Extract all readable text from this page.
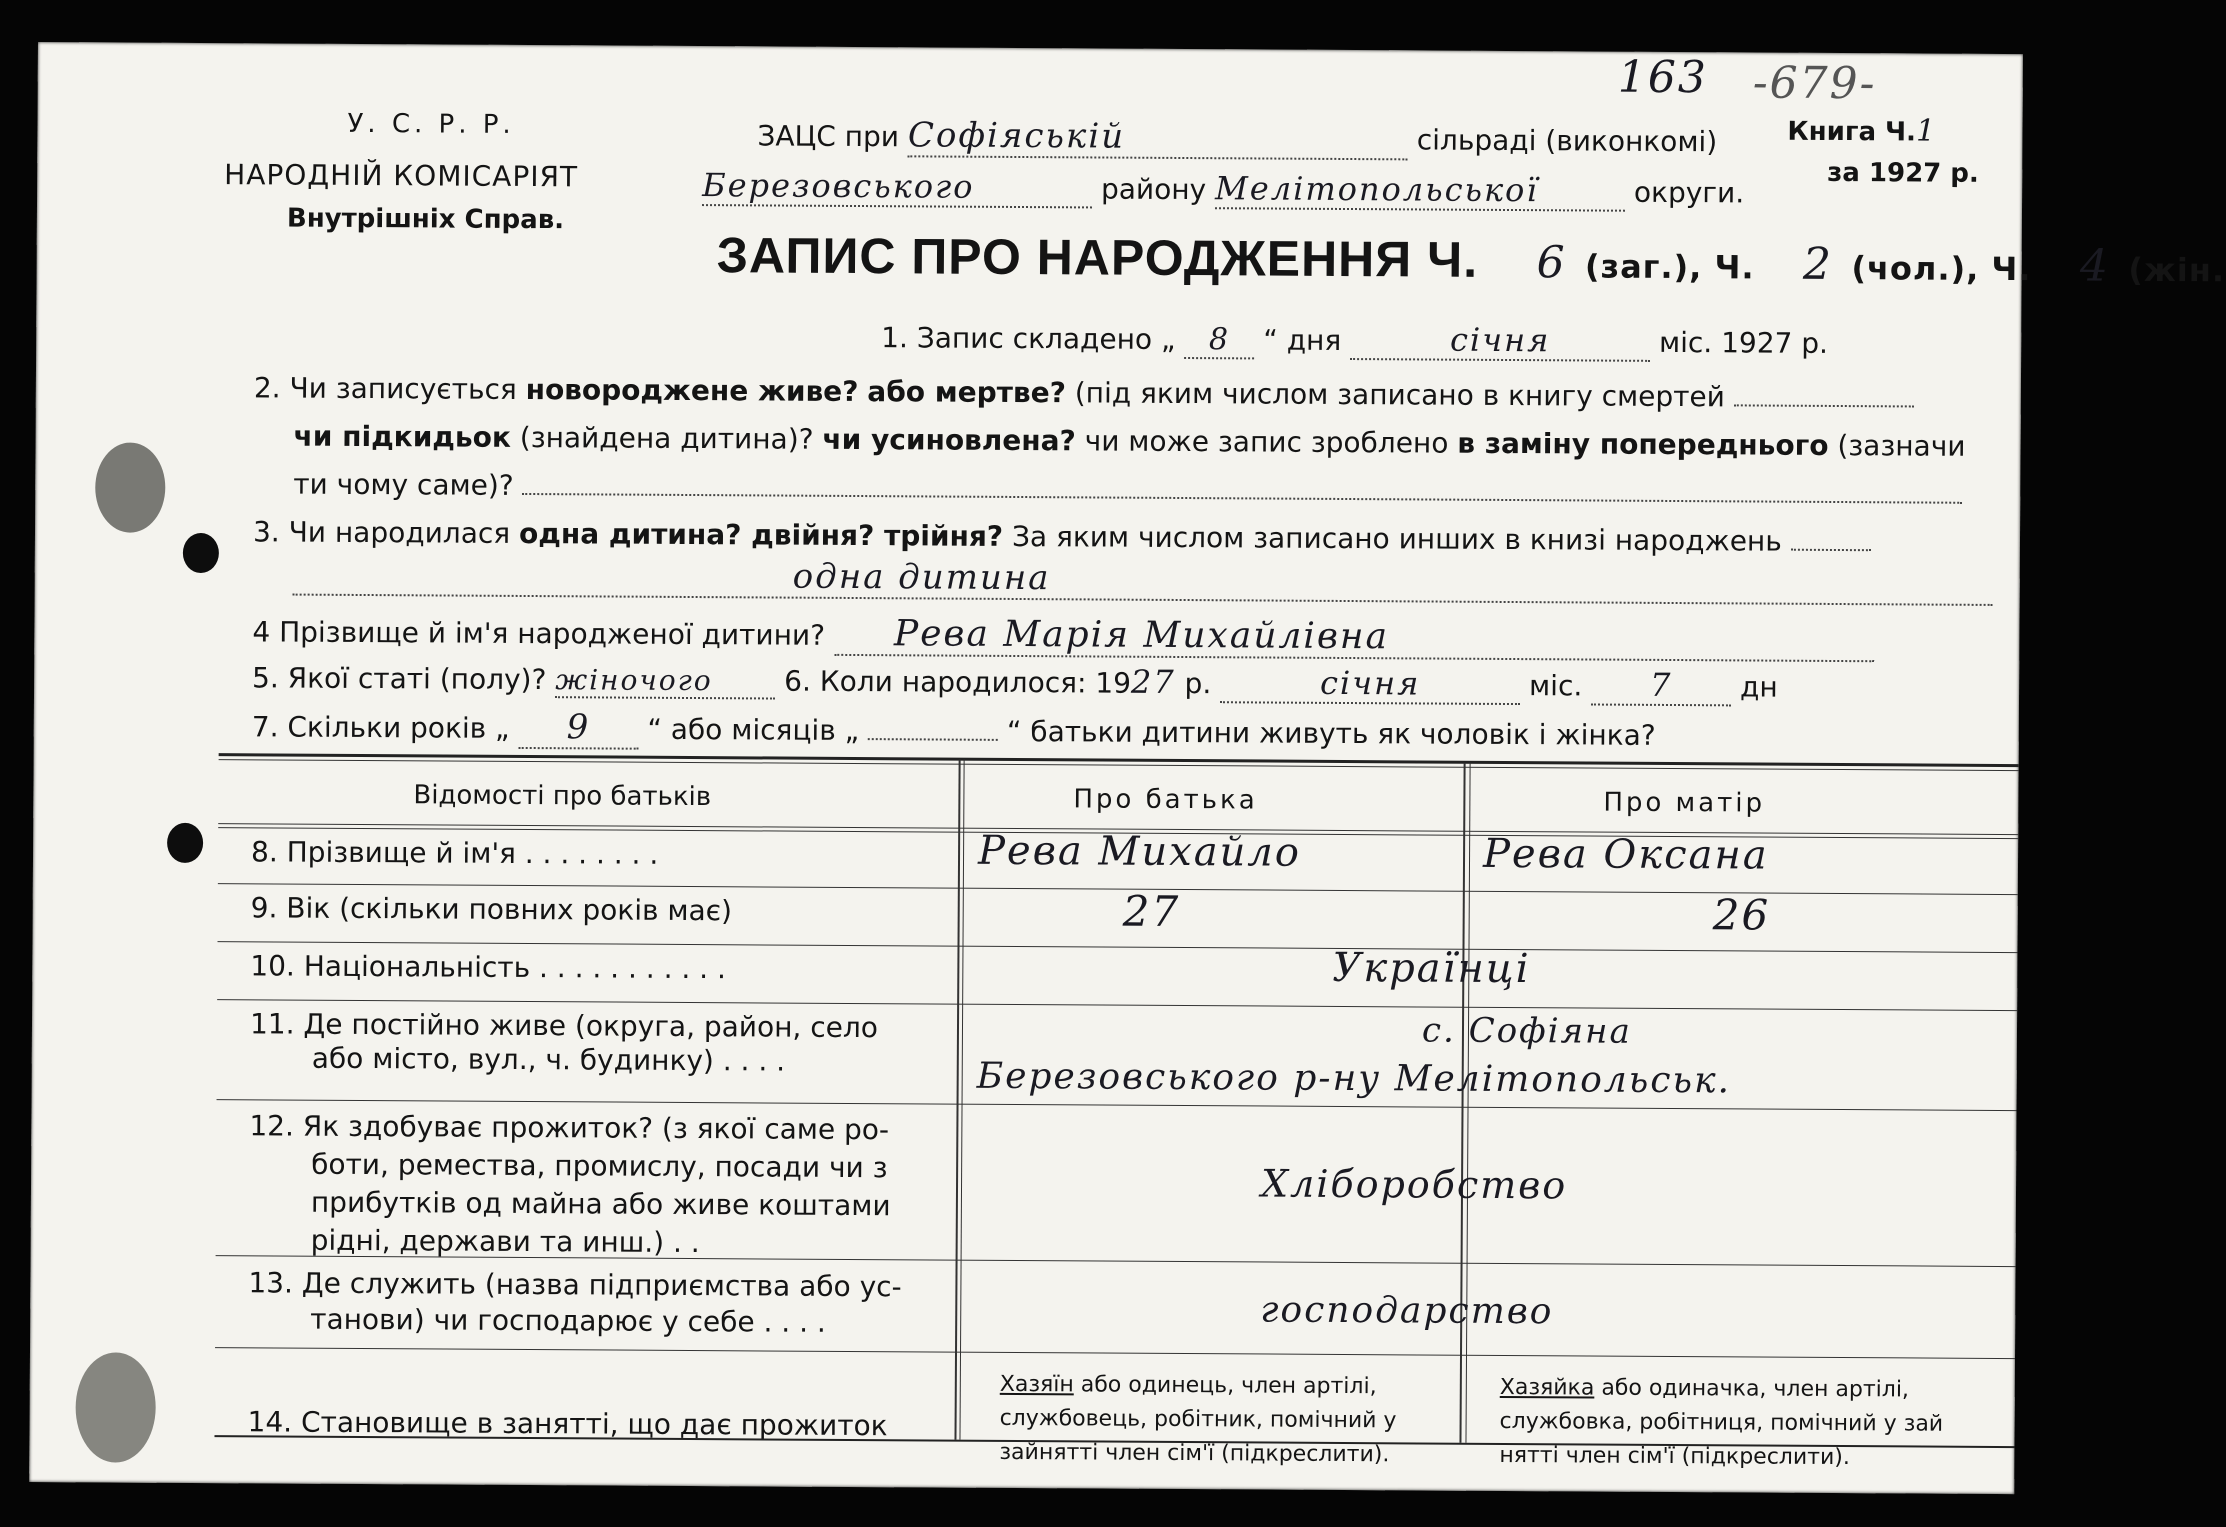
У. С. Р. Р.
НАРОДНІЙ КОМІСАРІЯТ
Внутрішніх Справ.
163 -679-
Книга Ч.1
за 1927 р.
ЗАЦС при Софіяській	сільраді (виконкомі)
Березовського	району Мелітопольської	округи.
ЗАПИС ПРО НАРОДЖЕННЯ Ч. 6 (заг.), Ч. 2 (чол.), Ч. 4 (жін.
1. Запис складено „ 8 “ дня	січня	міс. 1927 р.
2. Чи записується новороджене живе? або мертве? (під яким числом записано в книгу смертей
чи підкидьок (знайдена дитина)? чи усиновлена? чи може запис зроблено в заміну попереднього (зазначи
ти чому саме)?
3. Чи народилася одна дитина? двійня? трійня? За яким числом записано инших в книзі народжень
одна дитина
4 Прізвище й ім'я народженої дитини? Рева Марія Михайлівна
5. Якої статі (полу)? жіночого	6. Коли народилося: 1927 р.	січня	міс. 7 дн
7. Скільки років „ 9 “ або місяців „	“ батьки дитини живуть як чоловік і жінка?
Відомості про батьків	Про батька	Про матір
8. Прізвище й ім'я . . . . . . . .	Рева Михайло	Рева Оксана
9. Вік (скільки повних років має)	27	26
10. Національність . . . . . . . . . . .	Українці
11. Де постійно живе (округа, район, село
або місто, вул., ч. будинку) . . . .
с. Софіяна
Березовського р-ну Мелітопольськ.
12. Як здобуває прожиток? (з якої саме ро-
боти, ремества, промислу, посади чи з
прибутків од майна або живе коштами
рідні, держави та инш.) . .
Хліборобство
13. Де служить (назва підприємства або ус-
танови) чи господарює у себе . . . .	господарство
14. Становище в занятті, що дає прожиток
Хазяїн або одинець, член артілі,
службовець, робітник, помічний у
зайнятті член сім'ї (підкреслити).
Хазяйка або одиначка, член артілі,
службовка, робітниця, помічний у зай
нятті член сім'ї (підкреслити).
